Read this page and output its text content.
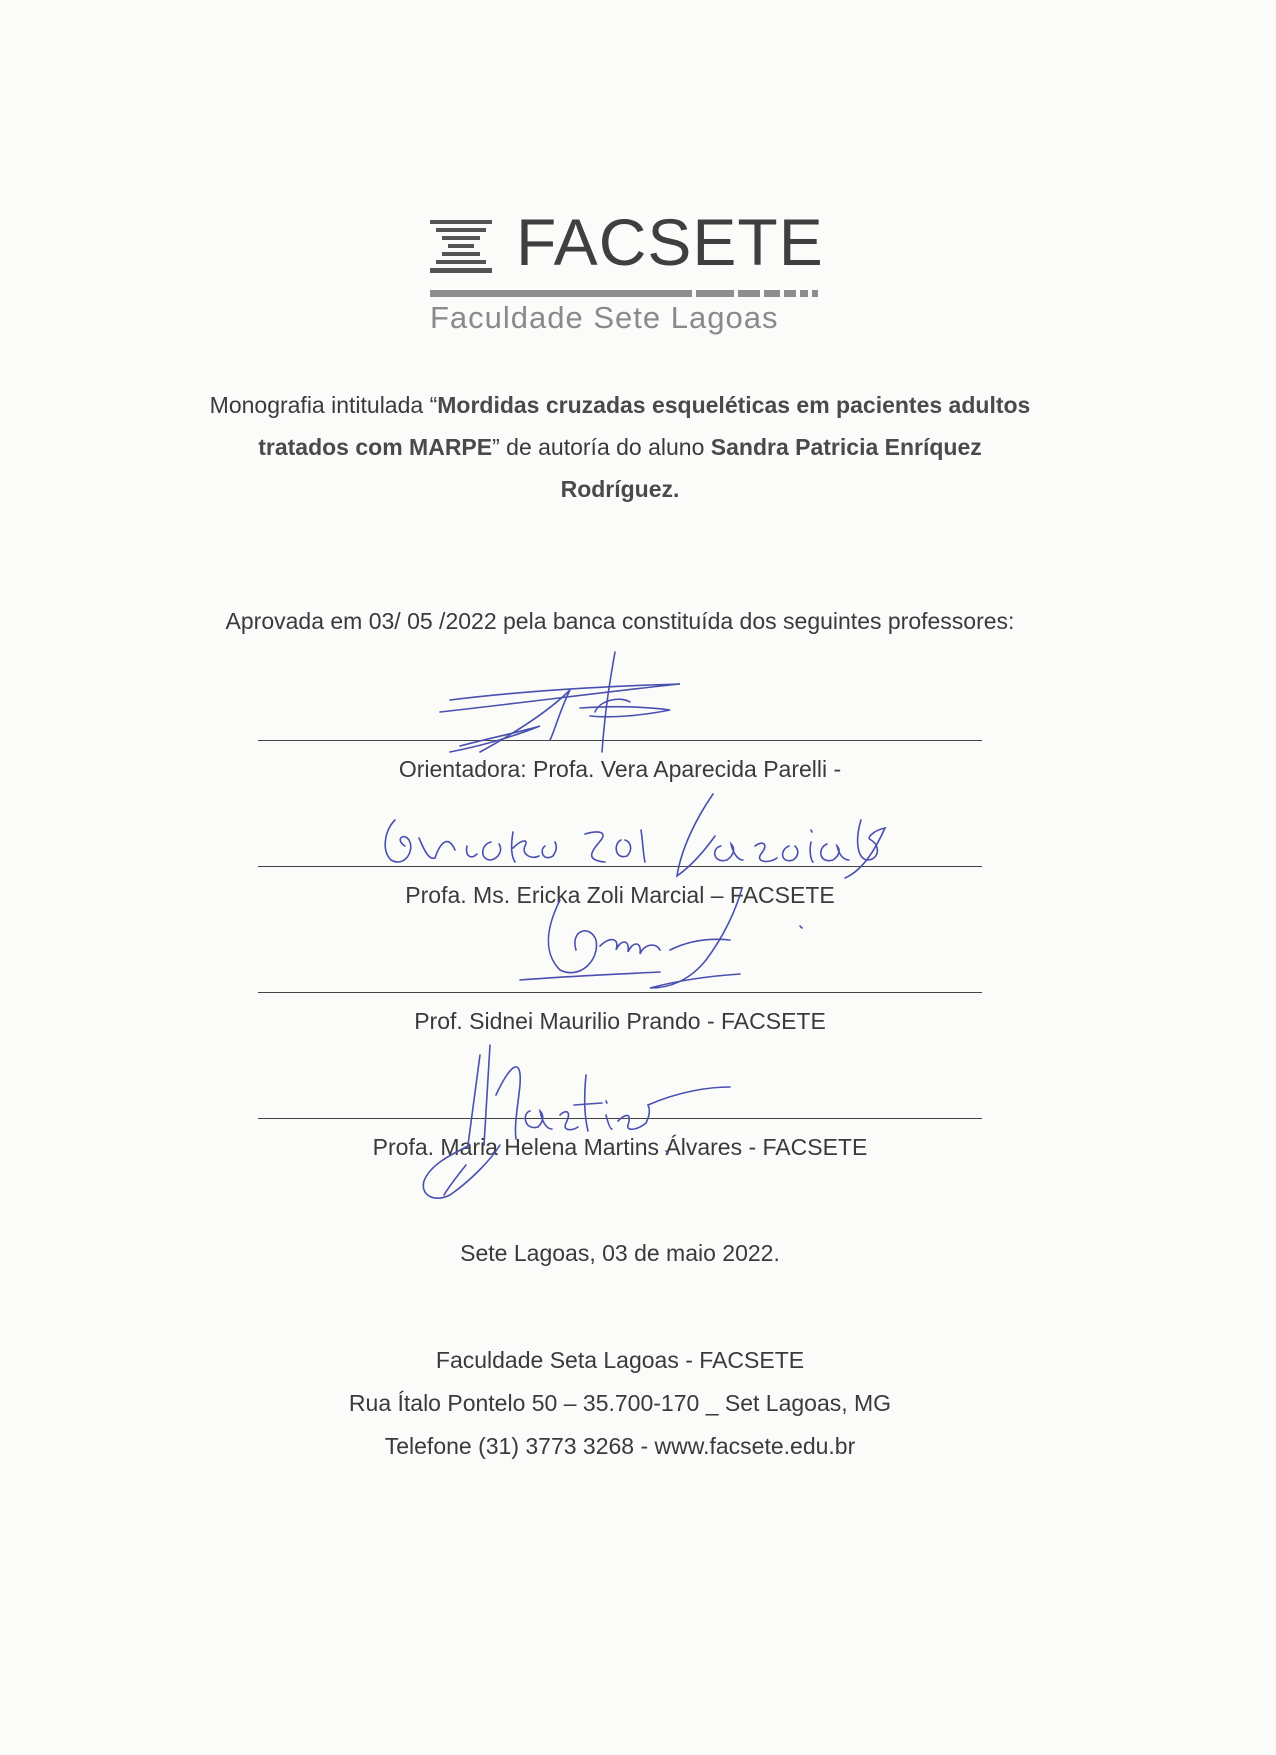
FACSETE
Faculdade Sete Lagoas
Monografia intitulada “Mordidas cruzadas esqueléticas em pacientes adultos
tratados com MARPE” de autoría do aluno Sandra Patricia Enríquez
Rodríguez.
Aprovada em 03/ 05 /2022 pela banca constituída dos seguintes professores:
Orientadora: Profa. Vera Aparecida Parelli -
Profa. Ms. Ericka Zoli Marcial – FACSETE
Prof. Sidnei Maurilio Prando - FACSETE
Profa. Maria Helena Martins Álvares - FACSETE
Sete Lagoas, 03 de maio 2022.
Faculdade Seta Lagoas - FACSETE
Rua Ítalo Pontelo 50 – 35.700-170 _ Set Lagoas, MG
Telefone (31) 3773 3268 - www.facsete.edu.br
